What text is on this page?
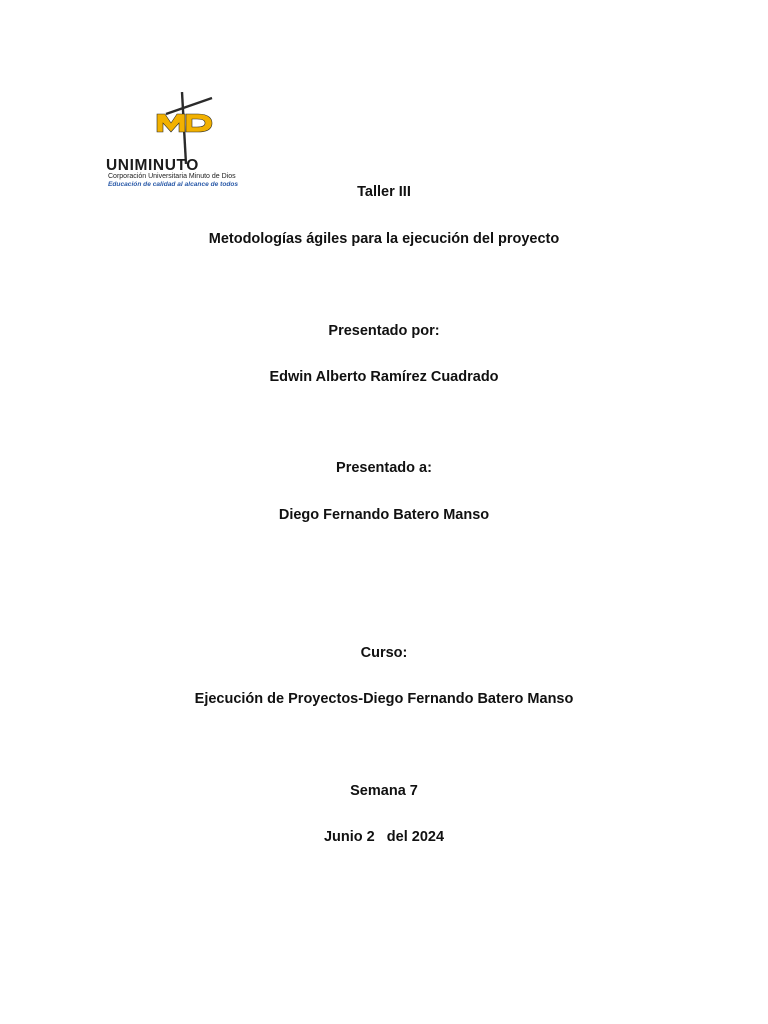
UNIMINUTO
Corporación Universitaria Minuto de Dios
Educación de calidad al alcance de todos	Taller III
Metodologías ágiles para la ejecución del proyecto
Presentado por:
Edwin Alberto Ramírez Cuadrado
Presentado a:
Diego Fernando Batero Manso
Curso:
Ejecución de Proyectos-Diego Fernando Batero Manso
Semana 7
Junio 2   del 2024
